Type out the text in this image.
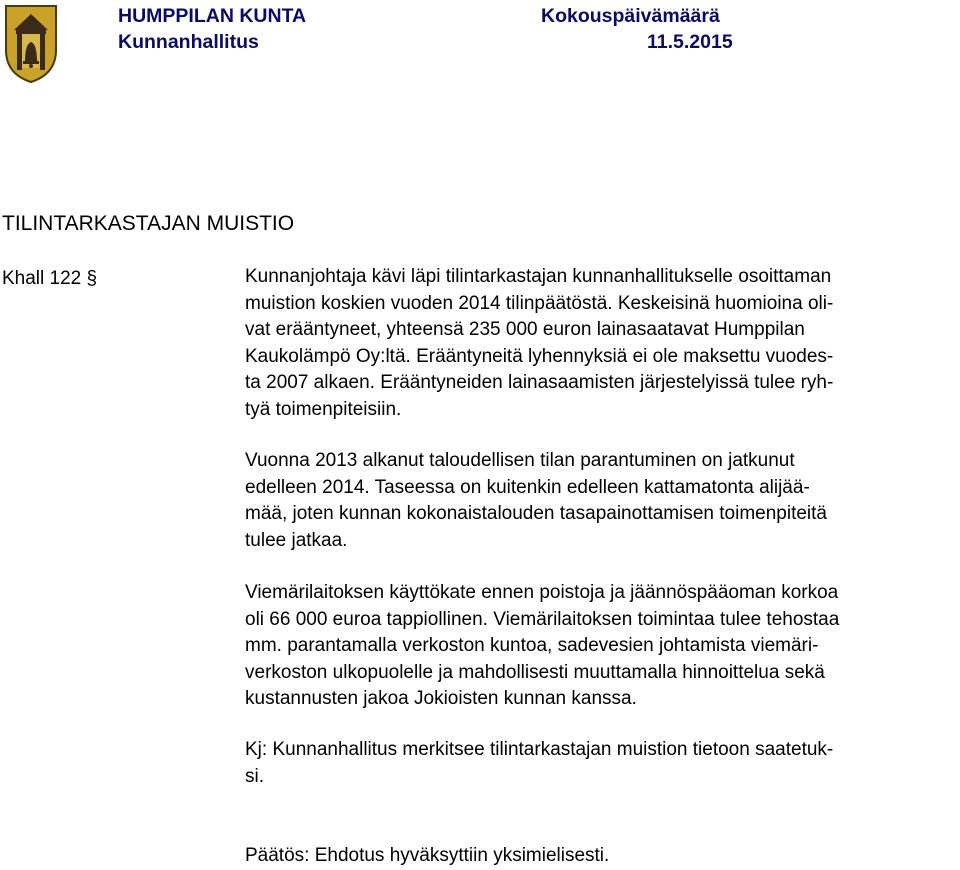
HUMPPILAN KUNTA
Kunnanhallitus
Kokouspäivämäärä
11.5.2015
TILINTARKASTAJAN MUISTIO
Khall 122 §	Kunnanjohtaja kävi läpi tilintarkastajan kunnanhallitukselle osoittaman
muistion koskien vuoden 2014 tilinpäätöstä. Keskeisinä huomioina oli-
vat erääntyneet, yhteensä 235 000 euron lainasaatavat Humppilan
Kaukolämpö Oy:ltä. Erääntyneitä lyhennyksiä ei ole maksettu vuodes-
ta 2007 alkaen. Erääntyneiden lainasaamisten järjestelyissä tulee ryh-
tyä toimenpiteisiin.
Vuonna 2013 alkanut taloudellisen tilan parantuminen on jatkunut
edelleen 2014. Taseessa on kuitenkin edelleen kattamatonta alijää-
mää, joten kunnan kokonaistalouden tasapainottamisen toimenpiteitä
tulee jatkaa.
Viemärilaitoksen käyttökate ennen poistoja ja jäännöspääoman korkoa
oli 66 000 euroa tappiollinen. Viemärilaitoksen toimintaa tulee tehostaa
mm. parantamalla verkoston kuntoa, sadevesien johtamista viemäri-
verkoston ulkopuolelle ja mahdollisesti muuttamalla hinnoittelua sekä
kustannusten jakoa Jokioisten kunnan kanssa.
Kj: Kunnanhallitus merkitsee tilintarkastajan muistion tietoon saatetuk-
si.
Päätös: Ehdotus hyväksyttiin yksimielisesti.
